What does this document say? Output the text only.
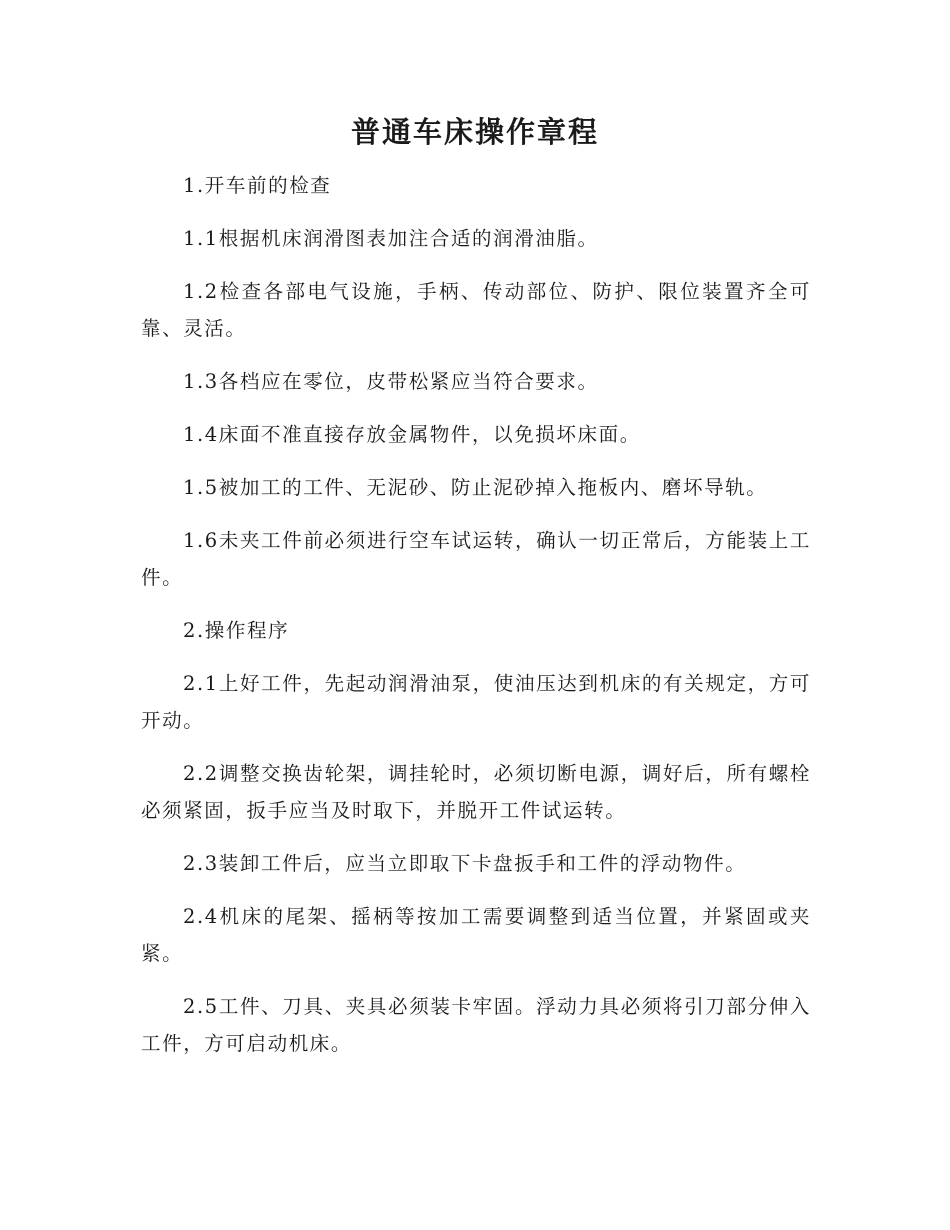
普通车床操作章程

1.开车前的检查

1.1根据机床润滑图表加注合适的润滑油脂。

1.2检查各部电气设施，手柄、传动部位、防护、限位装置齐全可靠、灵活。

1.3各档应在零位，皮带松紧应当符合要求。

1.4床面不准直接存放金属物件，以免损坏床面。

1.5被加工的工件、无泥砂、防止泥砂掉入拖板内、磨坏导轨。

1.6未夹工件前必须进行空车试运转，确认一切正常后，方能装上工件。

2.操作程序

2.1上好工件，先起动润滑油泵，使油压达到机床的有关规定，方可开动。

2.2调整交换齿轮架，调挂轮时，必须切断电源，调好后，所有螺栓必须紧固，扳手应当及时取下，并脱开工件试运转。

2.3装卸工件后，应当立即取下卡盘扳手和工件的浮动物件。

2.4机床的尾架、摇柄等按加工需要调整到适当位置，并紧固或夹紧。

2.5工件、刀具、夹具必须装卡牢固。浮动力具必须将引刀部分伸入工件，方可启动机床。
